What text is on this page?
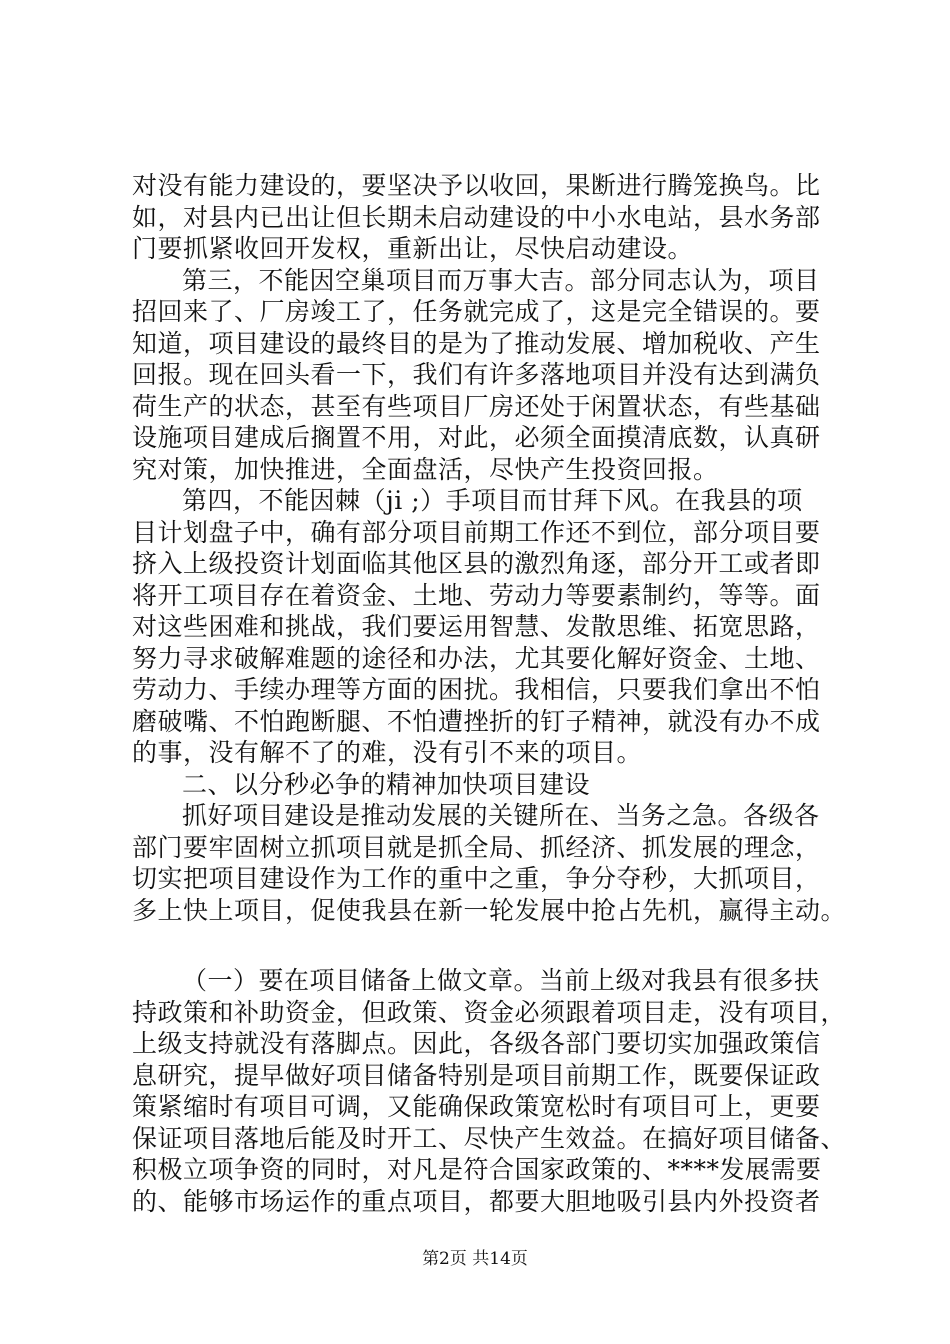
对没有能力建设的，要坚决予以收回，果断进行腾笼换鸟。比
如，对县内已出让但长期未启动建设的中小水电站，县水务部
门要抓紧收回开发权，重新出让，尽快启动建设。
第三，不能因空巢项目而万事大吉。部分同志认为，项目
招回来了、厂房竣工了，任务就完成了，这是完全错误的。要
知道，项目建设的最终目的是为了推动发展、增加税收、产生
回报。现在回头看一下，我们有许多落地项目并没有达到满负
荷生产的状态，甚至有些项目厂房还处于闲置状态，有些基础
设施项目建成后搁置不用，对此，必须全面摸清底数，认真研
究对策，加快推进，全面盘活，尽快产生投资回报。
第四，不能因棘（ji ;）手项目而甘拜下风。在我县的项
目计划盘子中，确有部分项目前期工作还不到位，部分项目要
挤入上级投资计划面临其他区县的激烈角逐，部分开工或者即
将开工项目存在着资金、土地、劳动力等要素制约，等等。面
对这些困难和挑战，我们要运用智慧、发散思维、拓宽思路，
努力寻求破解难题的途径和办法，尤其要化解好资金、土地、
劳动力、手续办理等方面的困扰。我相信，只要我们拿出不怕
磨破嘴、不怕跑断腿、不怕遭挫折的钉子精神，就没有办不成
的事，没有解不了的难，没有引不来的项目。
二、以分秒必争的精神加快项目建设
抓好项目建设是推动发展的关键所在、当务之急。各级各
部门要牢固树立抓项目就是抓全局、抓经济、抓发展的理念，
切实把项目建设作为工作的重中之重，争分夺秒，大抓项目，
多上快上项目，促使我县在新一轮发展中抢占先机，赢得主动。
（一）要在项目储备上做文章。当前上级对我县有很多扶
持政策和补助资金，但政策、资金必须跟着项目走，没有项目，
上级支持就没有落脚点。因此，各级各部门要切实加强政策信
息研究，提早做好项目储备特别是项目前期工作，既要保证政
策紧缩时有项目可调，又能确保政策宽松时有项目可上，更要
保证项目落地后能及时开工、尽快产生效益。在搞好项目储备、
积极立项争资的同时，对凡是符合国家政策的、****发展需要
的、能够市场运作的重点项目，都要大胆地吸引县内外投资者
第2页 共14页
